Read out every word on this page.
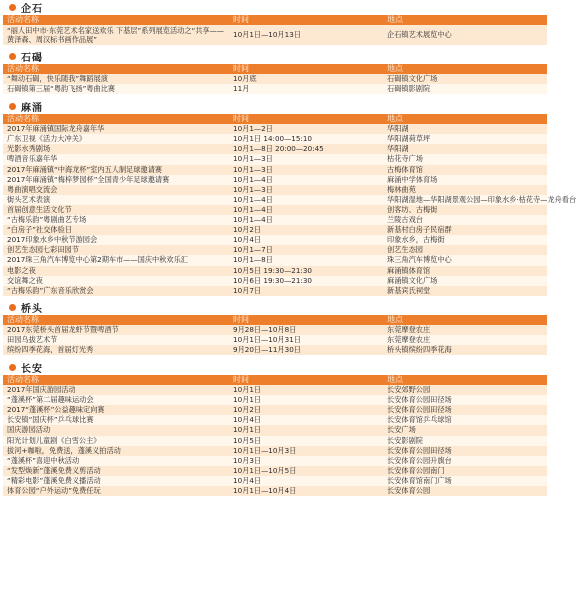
企石
活动名称	时间	地点
“丽人田中市·东莞艺术名家送欢乐 下基层”系列展览活动之“共享——黄泽森、周汉标书画作品展”	10月1日—10月13日	企石镇艺术展览中心
石碣
活动名称	时间	地点
“舞动石碣，快乐随我”舞蹈展演	10月底	石碣镇文化广场
石碣镇第三届“粤韵飞扬”粤曲比赛	11月	石碣镇影剧院
麻涌
活动名称	时间	地点
2017年麻涌镇国际龙舟嘉年华	10月1—2日	华阳湖
广东卫视《活力大冲关》	10月1日 14:00—15:10	华阳湖荷草坪
光影水秀剧场	10月1—8日 20:00—20:45	华阳湖
啤酒音乐嘉年华	10月1—3日	枯花寺广场
2017年麻涌镇“中海龙杯”室内五人制足球邀请赛	10月1—3日	古梅体育馆
2017年麻涌镇“梅梓梦园杯”全国青少年足球邀请赛	10月1—4日	麻涌中学体育场
粤曲演唱交流会	10月1—3日	梅林曲苑
街头艺术表演	10月1—4日	华阳湖湿地—华阳湖景观公园—印象水乡·枯花寺—龙舟看台
首届创意生活文化节	10月1—4日	创客坊、古梅街
“古梅乐韵”粤剧曲艺专场	10月1—4日	兰陵古戏台
“白房子”社交体验日	10月2日	新基村白房子民宿群
2017印象水乡中秋节游园会	10月4日	印象水乡，古梅街
创艺生态园七彩田园节	10月1—7日	创艺生态园
2017珠三角汽车博览中心第2期车市——国庆中秋欢乐汇	10月1—8日	珠三角汽车博览中心
电影之夜	10月5日 19:30—21:30	麻涌镇体育馆
交谊舞之夜	10月6日 19:30—21:30	麻涌镇文化广场
“古梅乐韵”广东音乐欣赏会	10月7日	新基宾氏祠堂
桥头
活动名称	时间	地点
2017东莞桥头首届龙虾节暨啤酒节	9月28日—10月8日	东莞摩登农庄
田园乌拔艺术节	10月1日—10月31日	东莞摩登农庄
缤纷四季花海，首届灯光秀	9月20日—11月30日	桥头镇缤纷四季花海
长安
活动名称	时间	地点
2017年国庆游园活动	10月1日	长安郊野公园
“蓬溪杯”第二届趣味运动会	10月1日	长安体育公园田径场
2017“蓬溪杯”公益趣味定向赛	10月2日	长安体育公园田径场
长安镇“国庆杯”乒乓球比赛	10月4日	长安体育馆乒乓球馆
国庆游园活动	10月1日	长安广场
阳光计划儿童剧《白雪公主》	10月5日	长安影剧院
拔河+咖啦，免费送，蓬溪义拍活动	10月1日—10月3日	长安体育公园田径场
“蓬溪杯”喜迎中秋活动	10月3日	长安体育公园升旗台
“发型焕新”蓬溪免费义剪活动	10月1日—10月5日	长安体育公园南门
“精彩电影”蓬溪免费义播活动	10月4日	长安体育馆南门广场
体育公园“户外运动”免费任玩	10月1日—10月4日	长安体育公园
